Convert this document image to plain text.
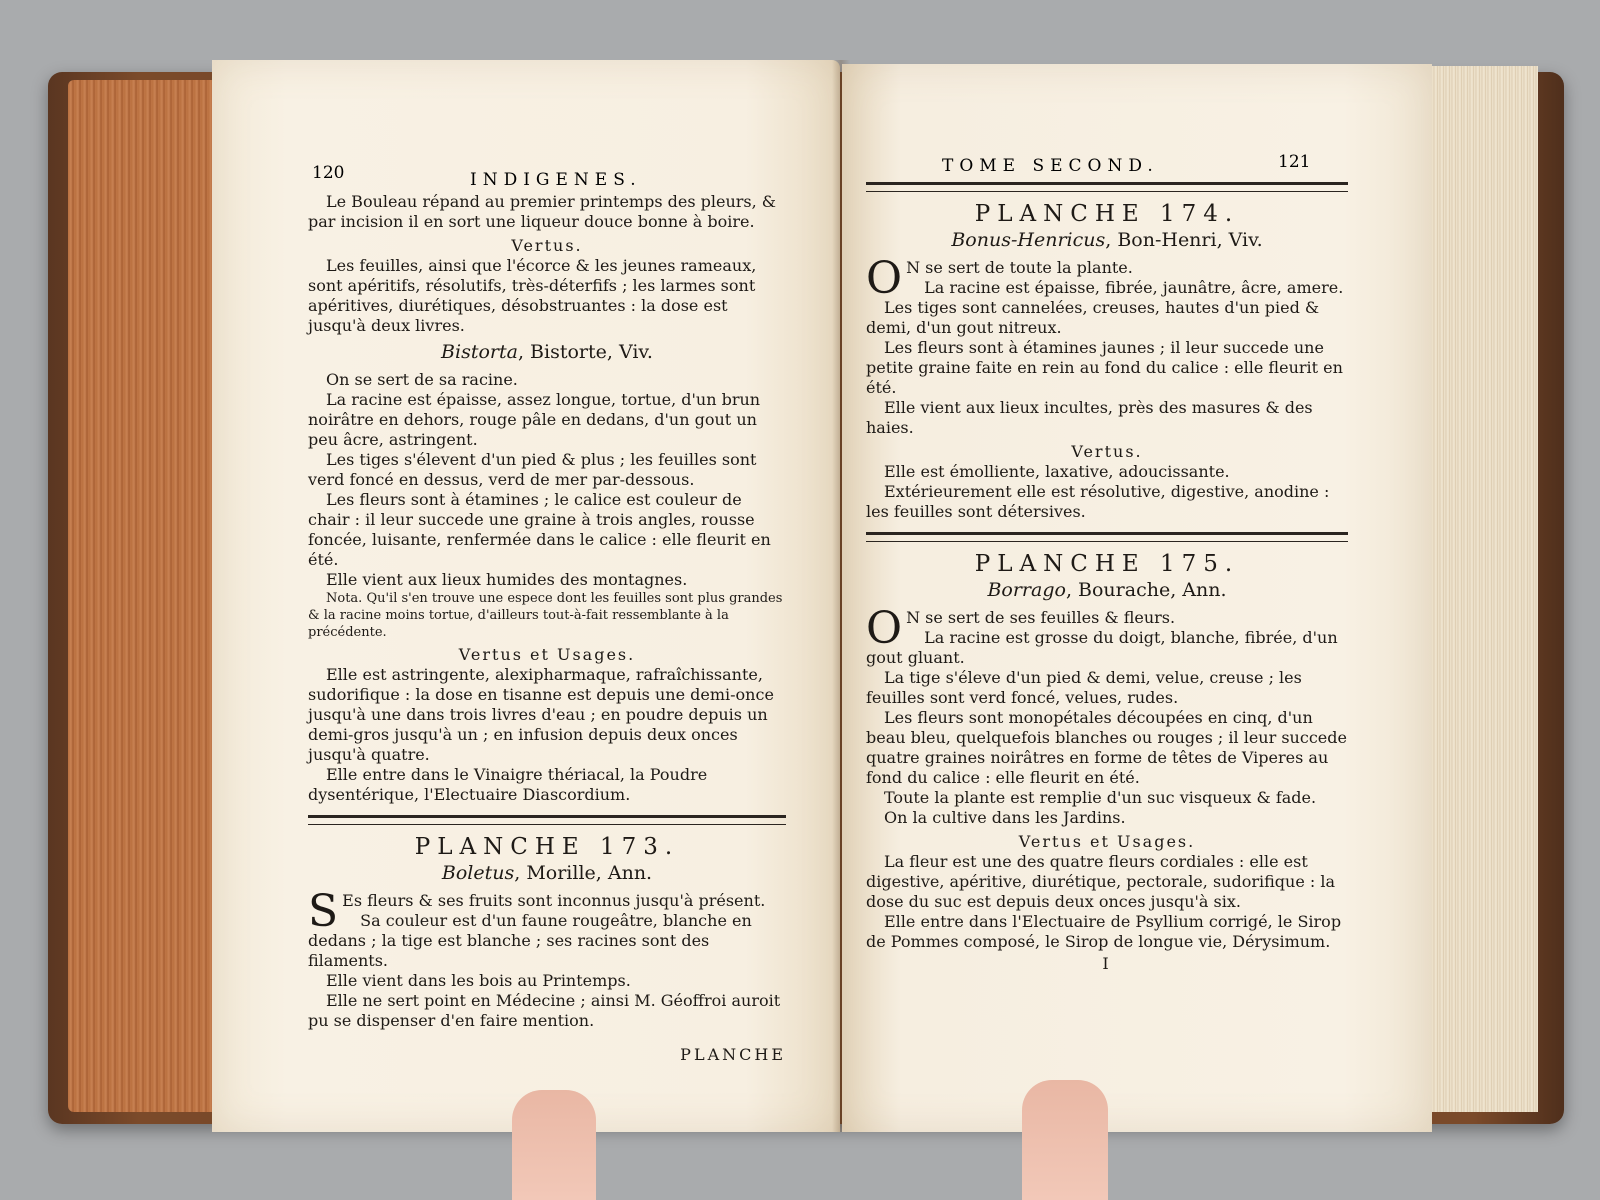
120	INDIGENES.

Le Bouleau répand au premier printemps des pleurs, & par incision il en sort une liqueur douce bonne à boire.

Vertus.

Les feuilles, ainsi que l'écorce & les jeunes rameaux, sont apéritifs, résolutifs, très-déterfifs ; les larmes sont apéritives, diurétiques, désobstruantes : la dose est jusqu'à deux livres.

Bistorta, Bistorte, Viv.

On se sert de sa racine.

La racine est épaisse, assez longue, tortue, d'un brun noirâtre en dehors, rouge pâle en dedans, d'un gout un peu âcre, astringent.

Les tiges s'élevent d'un pied & plus ; les feuilles sont verd foncé en dessus, verd de mer par-dessous.

Les fleurs sont à étamines ; le calice est couleur de chair : il leur succede une graine à trois angles, rousse foncée, luisante, renfermée dans le calice : elle fleurit en été.

Elle vient aux lieux humides des montagnes.

Nota. Qu'il s'en trouve une espece dont les feuilles sont plus grandes & la racine moins tortue, d'ailleurs tout-à-fait ressemblante à la précédente.

Vertus et Usages.

Elle est astringente, alexipharmaque, rafraîchissante, sudorifique : la dose en tisanne est depuis une demi-once jusqu'à une dans trois livres d'eau ; en poudre depuis un demi-gros jusqu'à un ; en infusion depuis deux onces jusqu'à quatre.

Elle entre dans le Vinaigre thériacal, la Poudre dysentérique, l'Electuaire Diascordium.

PLANCHE 173.
Boletus, Morille, Ann.

S Es fleurs & ses fruits sont inconnus jusqu'à présent.

Sa couleur est d'un faune rougeâtre, blanche en dedans ; la tige est blanche ; ses racines sont des filaments.

Elle vient dans les bois au Printemps.

Elle ne sert point en Médecine ; ainsi M. Géoffroi auroit pu se dispenser d'en faire mention.

PLANCHE
TOME SECOND.	121
PLANCHE 174.
Bonus-Henricus, Bon-Henri, Viv.

O N se sert de toute la plante.

La racine est épaisse, fibrée, jaunâtre, âcre, amere.

Les tiges sont cannelées, creuses, hautes d'un pied & demi, d'un gout nitreux.

Les fleurs sont à étamines jaunes ; il leur succede une petite graine faite en rein au fond du calice : elle fleurit en été.

Elle vient aux lieux incultes, près des masures & des haies.

Vertus.

Elle est émolliente, laxative, adoucissante.

Extérieurement elle est résolutive, digestive, anodine : les feuilles sont détersives.

PLANCHE 175.
Borrago, Bourache, Ann.

O N se sert de ses feuilles & fleurs.

La racine est grosse du doigt, blanche, fibrée, d'un gout gluant.

La tige s'éleve d'un pied & demi, velue, creuse ; les feuilles sont verd foncé, velues, rudes.

Les fleurs sont monopétales découpées en cinq, d'un beau bleu, quelquefois blanches ou rouges ; il leur succede quatre graines noirâtres en forme de têtes de Viperes au fond du calice : elle fleurit en été.

Toute la plante est remplie d'un suc visqueux & fade.

On la cultive dans les Jardins.

Vertus et Usages.

La fleur est une des quatre fleurs cordiales : elle est digestive, apéritive, diurétique, pectorale, sudorifique : la dose du suc est depuis deux onces jusqu'à six.

Elle entre dans l'Electuaire de Psyllium corrigé, le Sirop de Pommes composé, le Sirop de longue vie, Dérysimum.

I
